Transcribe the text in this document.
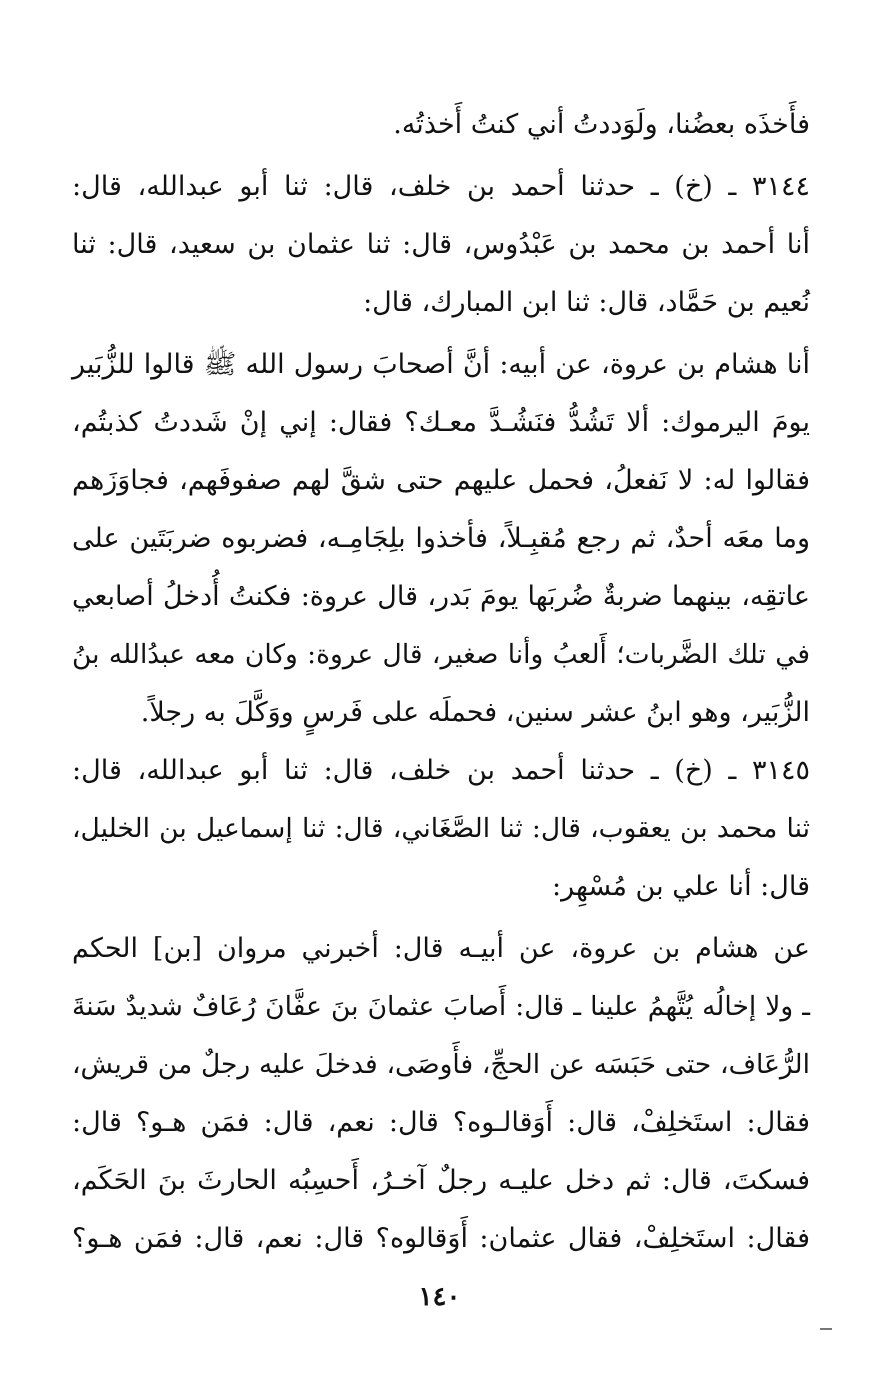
فأَخذَه بعضُنا، ولَوَددتُ أني كنتُ أَخذتُه.
٣١٤٤ ـ (خ) ـ حدثنا أحمد بن خلف، قال: ثنا أبو عبدالله، قال:
أنا أحمد بن محمد بن عَبْدُوس، قال: ثنا عثمان بن سعيد، قال: ثنا
نُعيم بن حَمَّاد، قال: ثنا ابن المبارك، قال:
أنا هشام بن عروة، عن أبيه: أنَّ أصحابَ رسول الله ﷺ قالوا للزُّبَير
يومَ اليرموك: ألا تَشُدُّ فنَشُـدَّ معـك؟ فقال: إني إنْ شَددتُ كذبتُم،
فقالوا له: لا نَفعلُ، فحمل عليهم حتى شقَّ لهم صفوفَهم، فجاوَزَهم
وما معَه أحدٌ، ثم رجع مُقبِـلاً، فأخذوا بلِجَامِـه، فضربوه ضربَتَين على
عاتقِه، بينهما ضربةٌ ضُربَها يومَ بَدر، قال عروة: فكنتُ أُدخلُ أصابعي
في تلك الضَّربات؛ أَلعبُ وأنا صغير، قال عروة: وكان معه عبدُالله بنُ
الزُّبَير، وهو ابنُ عشر سنين، فحملَه على فَرسٍ ووَكَّلَ به رجلاً.
٣١٤٥ ـ (خ) ـ حدثنا أحمد بن خلف، قال: ثنا أبو عبدالله، قال:
ثنا محمد بن يعقوب، قال: ثنا الصَّغَاني، قال: ثنا إسماعيل بن الخليل،
قال: أنا علي بن مُسْهِر:
عن هشام بن عروة، عن أبيـه قال: أخبرني مروان [بن] الحكم
ـ ولا إخالُه يُتَّهمُ علينا ـ قال: أَصابَ عثمانَ بنَ عفَّانَ رُعَافٌ شديدٌ سَنةَ
الرُّعَاف، حتى حَبَسَه عن الحجِّ، فأَوصَى، فدخلَ عليه رجلٌ من قريش،
فقال: استَخلِفْ، قال: أَوَقالـوه؟ قال: نعم، قال: فمَن هـو؟ قال:
فسكتَ، قال: ثم دخل عليـه رجلٌ آخـرُ، أَحسِبُه الحارثَ بنَ الحَكَم،
فقال: استَخلِفْ، فقال عثمان: أَوَقالوه؟ قال: نعم، قال: فمَن هـو؟
١٤٠
